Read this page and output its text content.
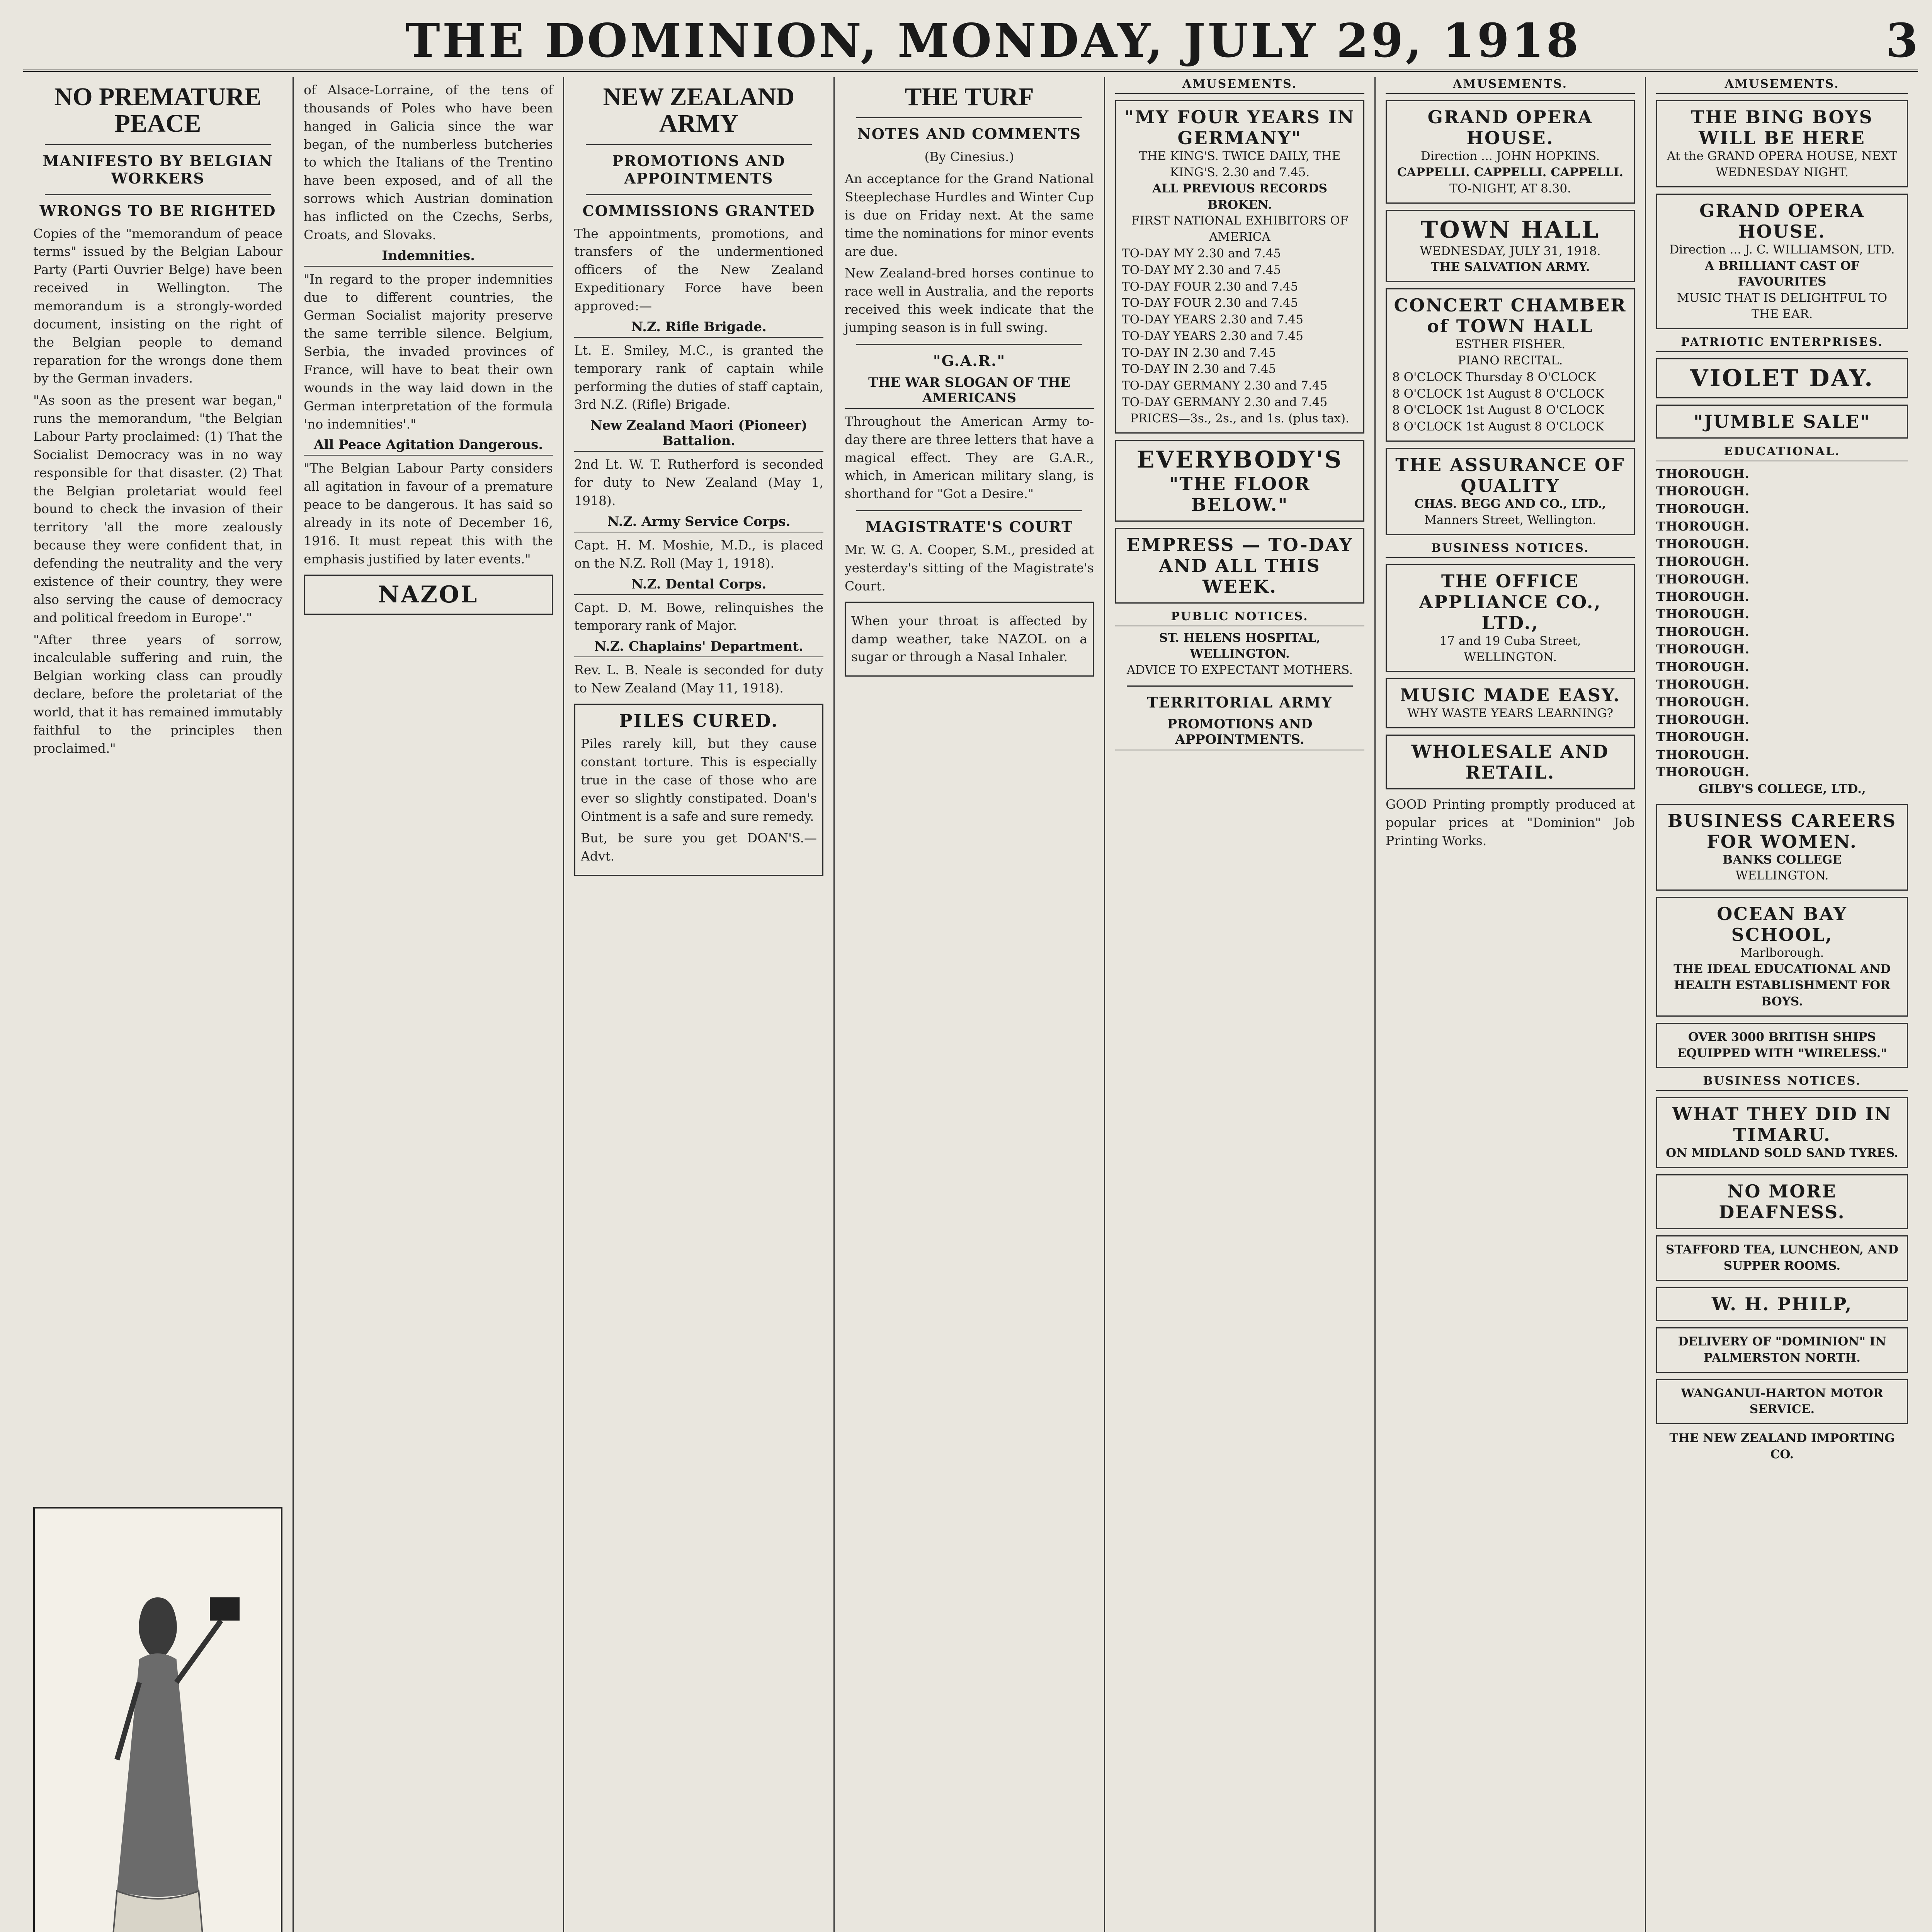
THE DOMINION, MONDAY, JULY 29, 1918	3
NO PREMATURE PEACE
MANIFESTO BY BELGIAN WORKERS
WRONGS TO BE RIGHTED

Copies of the "memorandum of peace terms" issued by the Belgian Labour Party (Parti Ouvrier Belge) have been received in Wellington. The memorandum is a strongly-worded document, insisting on the right of the Belgian people to demand reparation for the wrongs done them by the German invaders.

"As soon as the present war began," runs the memorandum, "the Belgian Labour Party proclaimed: (1) That the Socialist Democracy was in no way responsible for that disaster. (2) That the Belgian proletariat would feel bound to check the invasion of their territory 'all the more zealously because they were confident that, in defending the neutrality and the very existence of their country, they were also serving the cause of democracy and political freedom in Europe'."

"After three years of sorrow, incalculable suffering and ruin, the Belgian working class can proudly declare, before the proletariat of the world, that it has remained immutably faithful to the principles then proclaimed."

of Alsace-Lorraine, of the tens of thousands of Poles who have been hanged in Galicia since the war began, of the numberless butcheries to which the Italians of the Trentino have been exposed, and of all the sorrows which Austrian domination has inflicted on the Czechs, Serbs, Croats, and Slovaks.

Indemnities.

"In regard to the proper indemnities due to different countries, the German Socialist majority preserve the same terrible silence. Belgium, Serbia, the invaded provinces of France, will have to beat their own wounds in the way laid down in the German interpretation of the formula 'no indemnities'."

All Peace Agitation Dangerous.

"The Belgian Labour Party considers all agitation in favour of a premature peace to be dangerous. It has said so already in its note of December 16, 1916. It must repeat this with the emphasis justified by later events."

NAZOL
NEW ZEALAND ARMY
PROMOTIONS AND APPOINTMENTS
COMMISSIONS GRANTED

The appointments, promotions, and transfers of the undermentioned officers of the New Zealand Expeditionary Force have been approved:—

N.Z. Rifle Brigade.

Lt. E. Smiley, M.C., is granted the temporary rank of captain while performing the duties of staff captain, 3rd N.Z. (Rifle) Brigade.

New Zealand Maori (Pioneer) Battalion.

2nd Lt. W. T. Rutherford is seconded for duty to New Zealand (May 1, 1918).

N.Z. Army Service Corps.

Capt. H. M. Moshie, M.D., is placed on the N.Z. Roll (May 1, 1918).

N.Z. Dental Corps.

Capt. D. M. Bowe, relinquishes the temporary rank of Major.

N.Z. Chaplains' Department.

Rev. L. B. Neale is seconded for duty to New Zealand (May 11, 1918).

PILES CURED.

Piles rarely kill, but they cause constant torture. This is especially true in the case of those who are ever so slightly constipated. Doan's Ointment is a safe and sure remedy.

But, be sure you get DOAN'S.—Advt.

THE TURF
NOTES AND COMMENTS

(By Cinesius.)

An acceptance for the Grand National Steeplechase Hurdles and Winter Cup is due on Friday next. At the same time the nominations for minor events are due.

New Zealand-bred horses continue to race well in Australia, and the reports received this week indicate that the jumping season is in full swing.

"G.A.R."
THE WAR SLOGAN OF THE AMERICANS

Throughout the American Army to-day there are three letters that have a magical effect. They are G.A.R., which, in American military slang, is shorthand for "Got a Desire."

MAGISTRATE'S COURT

Mr. W. G. A. Cooper, S.M., presided at yesterday's sitting of the Magistrate's Court.

When your throat is affected by damp weather, take NAZOL on a sugar or through a Nasal Inhaler.

AMUSEMENTS.
"MY FOUR YEARS IN GERMANY"
THE KING'S. TWICE DAILY, THE KING'S. 2.30 and 7.45.
ALL PREVIOUS RECORDS BROKEN.
FIRST NATIONAL EXHIBITORS OF AMERICA
TO-DAY MY 2.30 and 7.45
TO-DAY MY 2.30 and 7.45
TO-DAY FOUR 2.30 and 7.45
TO-DAY FOUR 2.30 and 7.45
TO-DAY YEARS 2.30 and 7.45
TO-DAY YEARS 2.30 and 7.45
TO-DAY IN 2.30 and 7.45
TO-DAY IN 2.30 and 7.45
TO-DAY GERMANY 2.30 and 7.45
TO-DAY GERMANY 2.30 and 7.45
PRICES—3s., 2s., and 1s. (plus tax).
EVERYBODY'S
"THE FLOOR BELOW."
EMPRESS — TO-DAY AND ALL THIS WEEK.
PUBLIC NOTICES.
ST. HELENS HOSPITAL, WELLINGTON.
ADVICE TO EXPECTANT MOTHERS.
TERRITORIAL ARMY
PROMOTIONS AND APPOINTMENTS.
AMUSEMENTS.
GRAND OPERA HOUSE.
Direction ... JOHN HOPKINS.
CAPPELLI. CAPPELLI. CAPPELLI.
TO-NIGHT, AT 8.30.
TOWN HALL
WEDNESDAY, JULY 31, 1918.
THE SALVATION ARMY.
CONCERT CHAMBER of TOWN HALL
ESTHER FISHER.
PIANO RECITAL.
8 O'CLOCK Thursday 8 O'CLOCK
8 O'CLOCK 1st August 8 O'CLOCK
8 O'CLOCK 1st August 8 O'CLOCK
8 O'CLOCK 1st August 8 O'CLOCK
THE ASSURANCE OF QUALITY
CHAS. BEGG AND CO., LTD.,
Manners Street, Wellington.
BUSINESS NOTICES.
THE OFFICE APPLIANCE CO., LTD.,
17 and 19 Cuba Street, WELLINGTON.
MUSIC MADE EASY.
WHY WASTE YEARS LEARNING?
WHOLESALE AND RETAIL.

GOOD Printing promptly produced at popular prices at "Dominion" Job Printing Works.

AMUSEMENTS.
THE BING BOYS WILL BE HERE
At the GRAND OPERA HOUSE, NEXT WEDNESDAY NIGHT.
GRAND OPERA HOUSE.
Direction ... J. C. WILLIAMSON, LTD.
A BRILLIANT CAST OF FAVOURITES
MUSIC THAT IS DELIGHTFUL TO THE EAR.
PATRIOTIC ENTERPRISES.
VIOLET DAY.
"JUMBLE SALE"
EDUCATIONAL.
THOROUGH.
THOROUGH.
THOROUGH.
THOROUGH.
THOROUGH.
THOROUGH.
THOROUGH.
THOROUGH.
THOROUGH.
THOROUGH.
THOROUGH.
THOROUGH.
THOROUGH.
THOROUGH.
THOROUGH.
THOROUGH.
THOROUGH.
THOROUGH.
GILBY'S COLLEGE, LTD.,
BUSINESS CAREERS FOR WOMEN.
BANKS COLLEGE
WELLINGTON.
OCEAN BAY SCHOOL,
Marlborough.
THE IDEAL EDUCATIONAL AND HEALTH ESTABLISHMENT FOR BOYS.
OVER 3000 BRITISH SHIPS EQUIPPED WITH "WIRELESS."
BUSINESS NOTICES.
WHAT THEY DID IN TIMARU.
ON MIDLAND SOLD SAND TYRES.
NO MORE DEAFNESS.
STAFFORD TEA, LUNCHEON, AND SUPPER ROOMS.
W. H. PHILP,
DELIVERY OF "DOMINION" IN PALMERSTON NORTH.
WANGANUI-HARTON MOTOR SERVICE.
THE NEW ZEALAND IMPORTING CO.
